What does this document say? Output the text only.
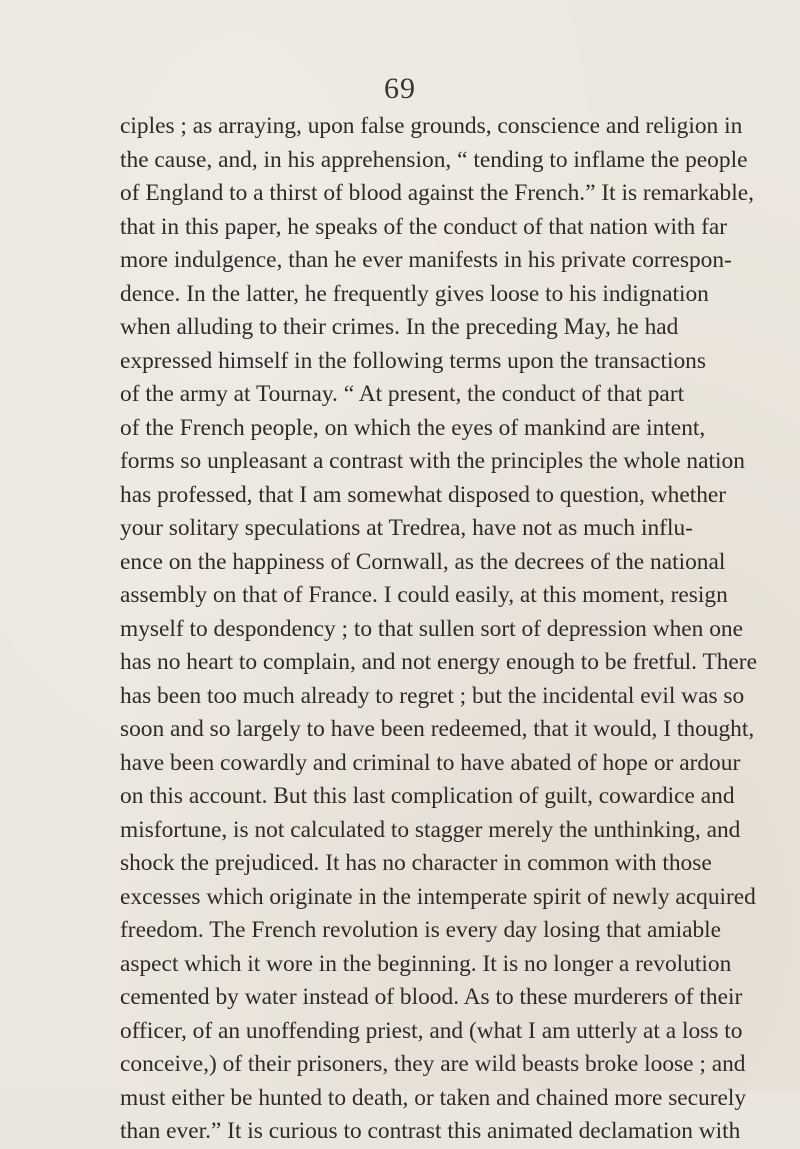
69

ciples ; as arraying, upon false grounds, conscience and religion in
the cause, and, in his apprehension, “ tending to inflame the people
of England to a thirst of blood against the French.” It is remarkable,
that in this paper, he speaks of the conduct of that nation with far
more indulgence, than he ever manifests in his private correspon-
dence. In the latter, he frequently gives loose to his indignation
when alluding to their crimes. In the preceding May, he had
expressed himself in the following terms upon the transactions
of the army at Tournay. “ At present, the conduct of that part
of the French people, on which the eyes of mankind are intent,
forms so unpleasant a contrast with the principles the whole nation
has professed, that I am somewhat disposed to question, whether
your solitary speculations at Tredrea, have not as much influ-
ence on the happiness of Cornwall, as the decrees of the national
assembly on that of France. I could easily, at this moment, resign
myself to despondency ; to that sullen sort of depression when one
has no heart to complain, and not energy enough to be fretful. There
has been too much already to regret ; but the incidental evil was so
soon and so largely to have been redeemed, that it would, I thought,
have been cowardly and criminal to have abated of hope or ardour
on this account. But this last complication of guilt, cowardice and
misfortune, is not calculated to stagger merely the unthinking, and
shock the prejudiced. It has no character in common with those
excesses which originate in the intemperate spirit of newly acquired
freedom. The French revolution is every day losing that amiable
aspect which it wore in the beginning. It is no longer a revolution
cemented by water instead of blood. As to these murderers of their
officer, of an unoffending priest, and (what I am utterly at a loss to
conceive,) of their prisoners, they are wild beasts broke loose ; and
must either be hunted to death, or taken and chained more securely
than ever.” It is curious to contrast this animated declamation with
